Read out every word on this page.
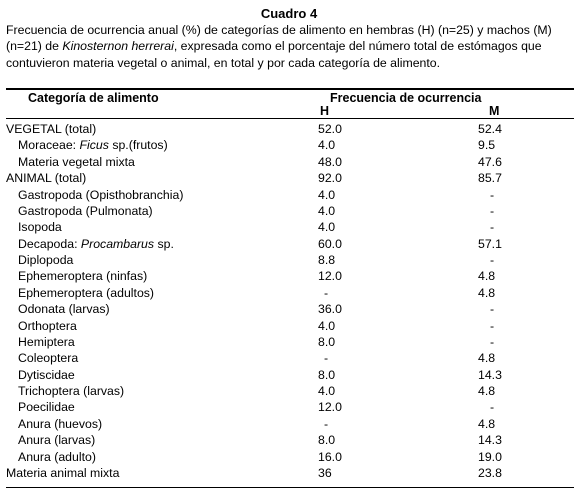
Cuadro 4
Frecuencia de ocurrencia anual (%) de categorías de alimento en hembras (H) (n=25) y machos (M) (n=21) de Kinosternon herrerai, expresada como el porcentaje del número total de estómagos que contuvieron materia vegetal o animal, en total y por cada categoría de alimento.
Categoría de alimento	Frecuencia de ocurrencia
H	M
VEGETAL (total)	52.0	52.4
Moraceae: Ficus sp.(frutos)	4.0	9.5
Materia vegetal mixta	48.0	47.6
ANIMAL (total)	92.0	85.7
Gastropoda (Opisthobranchia)	4.0	-
Gastropoda (Pulmonata)	4.0	-
Isopoda	4.0	-
Decapoda: Procambarus sp.	60.0	57.1
Diplopoda	8.8	-
Ephemeroptera (ninfas)	12.0	4.8
Ephemeroptera (adultos)	-	4.8
Odonata (larvas)	36.0	-
Orthoptera	4.0	-
Hemiptera	8.0	-
Coleoptera	-	4.8
Dytiscidae	8.0	14.3
Trichoptera (larvas)	4.0	4.8
Poecilidae	12.0	-
Anura (huevos)	-	4.8
Anura (larvas)	8.0	14.3
Anura (adulto)	16.0	19.0
Materia animal mixta	36	23.8
